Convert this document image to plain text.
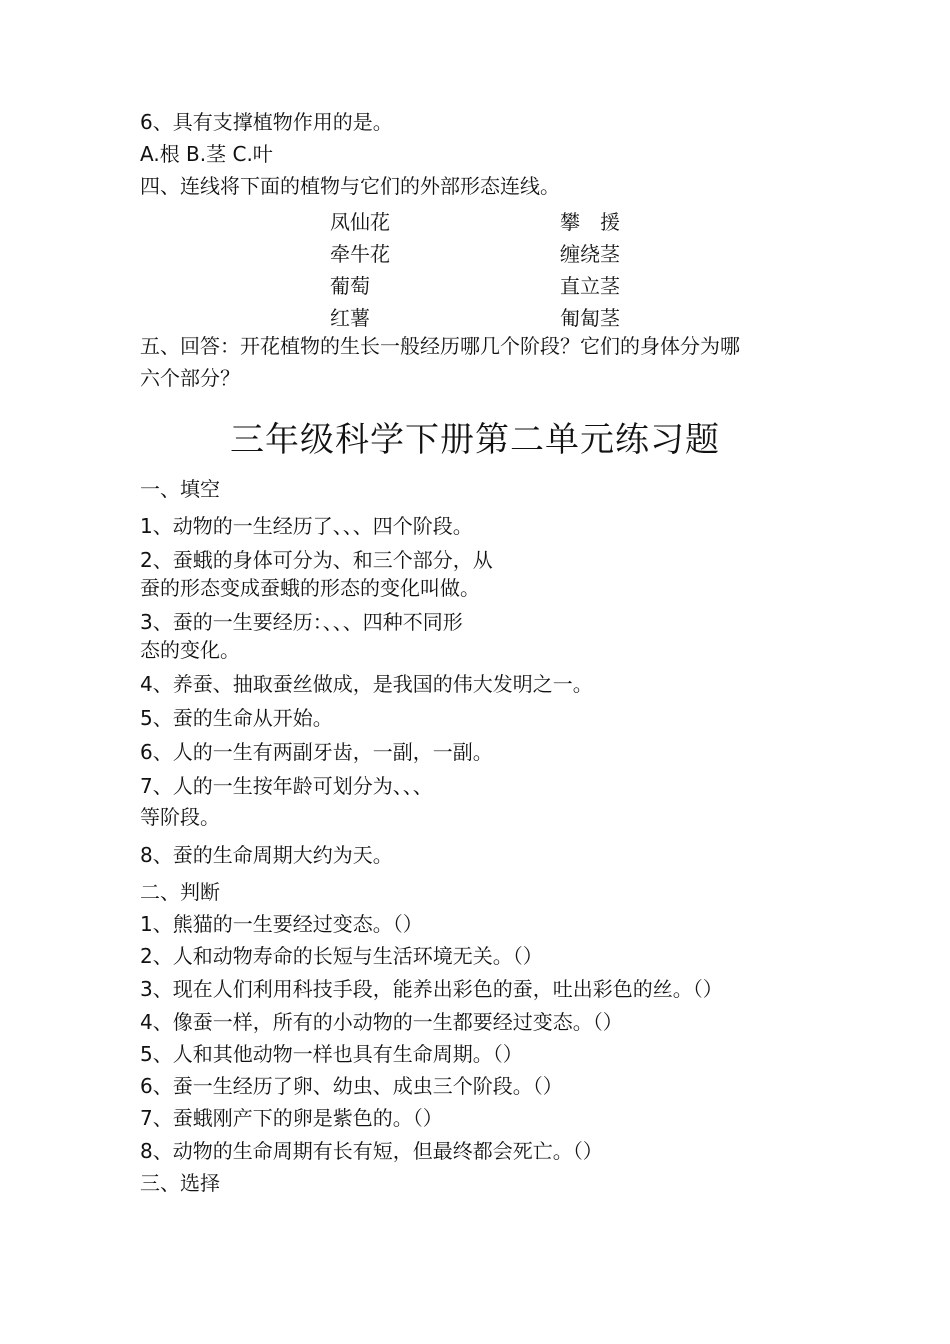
6、具有支撑植物作用的是。
A.根 B.茎 C.叶
四、连线将下面的植物与它们的外部形态连线。
凤仙花	攀　援
牵牛花	缠绕茎
葡萄	直立茎
红薯	匍匐茎
五、回答：开花植物的生长一般经历哪几个阶段？它们的身体分为哪
六个部分？
三年级科学下册第二单元练习题
一、填空
1、动物的一生经历了、、、四个阶段。
2、蚕蛾的身体可分为、和三个部分，从
蚕的形态变成蚕蛾的形态的变化叫做。
3、蚕的一生要经历：、、、四种不同形
态的变化。
4、养蚕、抽取蚕丝做成，是我国的伟大发明之一。
5、蚕的生命从开始。
6、人的一生有两副牙齿，一副，一副。
7、人的一生按年龄可划分为、、、
等阶段。
8、蚕的生命周期大约为天。
二、判断
1、熊猫的一生要经过变态。（）
2、人和动物寿命的长短与生活环境无关。（）
3、现在人们利用科技手段，能养出彩色的蚕，吐出彩色的丝。（）
4、像蚕一样，所有的小动物的一生都要经过变态。（）
5、人和其他动物一样也具有生命周期。（）
6、蚕一生经历了卵、幼虫、成虫三个阶段。（）
7、蚕蛾刚产下的卵是紫色的。（）
8、动物的生命周期有长有短，但最终都会死亡。（）
三、选择
